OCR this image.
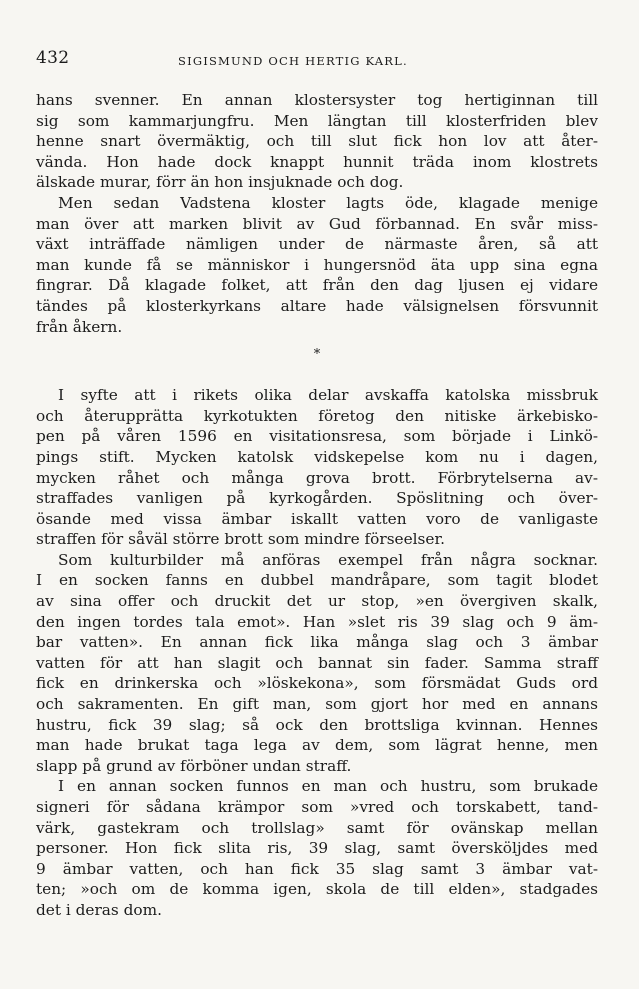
432	SIGISMUND OCH HERTIG KARL.
hans svenner. En annan klostersyster tog hertiginnan till
sig som kammarjungfru. Men längtan till klosterfriden blev
henne snart övermäktig, och till slut fick hon lov att åter-
vända. Hon hade dock knappt hunnit träda inom klostrets
älskade murar, förr än hon insjuknade och dog.
Men sedan Vadstena kloster lagts öde, klagade menige
man över att marken blivit av Gud förbannad. En svår miss-
växt inträffade nämligen under de närmaste åren, så att
man kunde få se människor i hungersnöd äta upp sina egna
fingrar. Då klagade folket, att från den dag ljusen ej vidare
tändes på klosterkyrkans altare hade välsignelsen försvunnit
från åkern.
*
I syfte att i rikets olika delar avskaffa katolska missbruk
och återupprätta kyrkotukten företog den nitiske ärkebisko-
pen på våren 1596 en visitationsresa, som började i Linkö-
pings stift. Mycken katolsk vidskepelse kom nu i dagen,
mycken råhet och många grova brott. Förbrytelserna av-
straffades vanligen på kyrkogården. Spöslitning och över-
ösande med vissa ämbar iskallt vatten voro de vanligaste
straffen för såväl större brott som mindre förseelser.
Som kulturbilder må anföras exempel från några socknar.
I en socken fanns en dubbel mandråpare, som tagit blodet
av sina offer och druckit det ur stop, »en övergiven skalk,
den ingen tordes tala emot». Han »slet ris 39 slag och 9 äm-
bar vatten». En annan fick lika många slag och 3 ämbar
vatten för att han slagit och bannat sin fader. Samma straff
fick en drinkerska och »löskekona», som försmädat Guds ord
och sakramenten. En gift man, som gjort hor med en annans
hustru, fick 39 slag; så ock den brottsliga kvinnan. Hennes
man hade brukat taga lega av dem, som lägrat henne, men
slapp på grund av förböner undan straff.
I en annan socken funnos en man och hustru, som brukade
signeri för sådana krämpor som »vred och torskabett, tand-
värk, gastekram och trollslag» samt för ovänskap mellan
personer. Hon fick slita ris, 39 slag, samt översköljdes med
9 ämbar vatten, och han fick 35 slag samt 3 ämbar vat-
ten; »och om de komma igen, skola de till elden», stadgades
det i deras dom.
